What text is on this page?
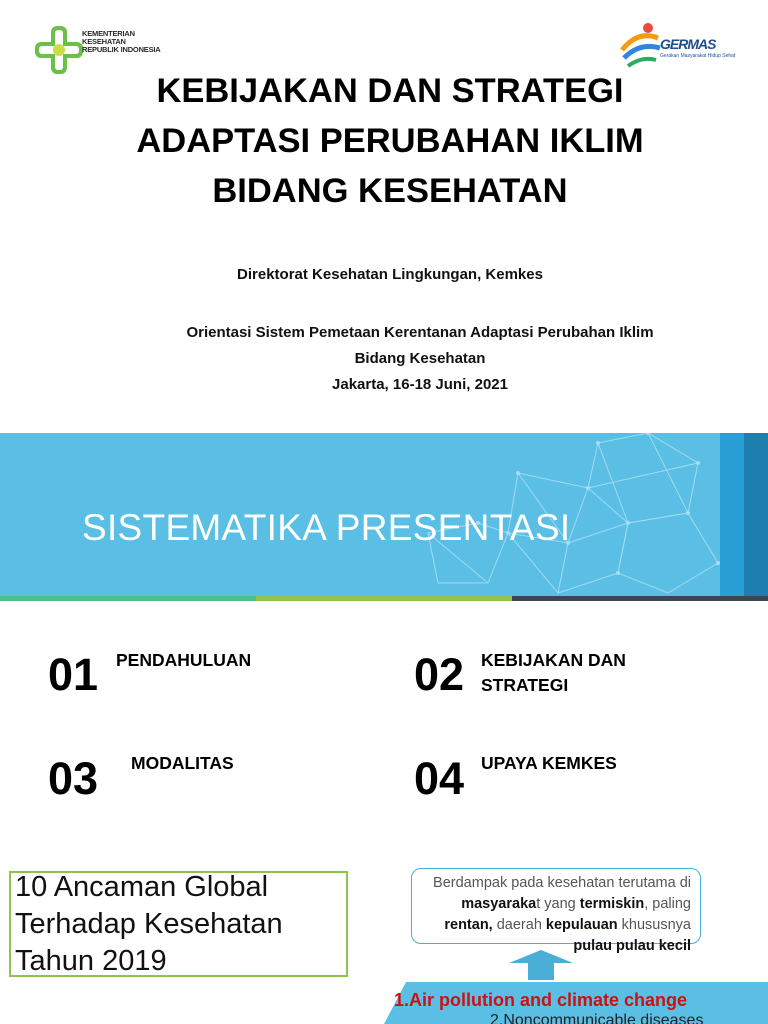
KEMENTERIAN KESEHATAN REPUBLIK INDONESIA	GERMAS
Gerakan Masyarakat Hidup Sehat
KEBIJAKAN DAN STRATEGI
ADAPTASI PERUBAHAN IKLIM
BIDANG KESEHATAN
Direktorat Kesehatan Lingkungan, Kemkes
Orientasi Sistem Pemetaan Kerentanan Adaptasi Perubahan Iklim
Bidang Kesehatan
Jakarta, 16-18 Juni, 2021
SISTEMATIKA PRESENTASI
01 PENDAHULUAN	02 KEBIJAKAN DAN
STRATEGI
03 MODALITAS	04 UPAYA KEMKES
10 Ancaman Global
Terhadap Kesehatan
Tahun 2019
Berdampak pada kesehatan terutama di
masyarakat yang termiskin, paling
rentan, daerah kepulauan khususnya
pulau pulau kecil
1.Air pollution and climate change
2.Noncommunicable diseases
